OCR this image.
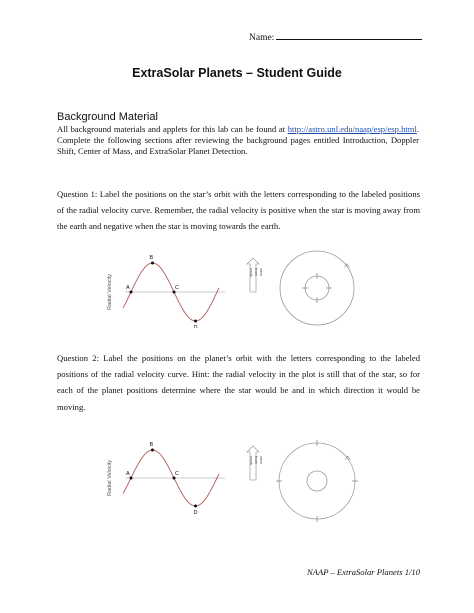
Name:
ExtraSolar Planets – Student Guide
Background Material
All background materials and applets for this lab can be found at http://astro.unl.edu/naap/esp/esp.html. Complete the following sections after reviewing the background pages entitled Introduction, Doppler Shift, Center of Mass, and ExtraSolar Planet Detection.
Question 1: Label the positions on the star’s orbit with the letters corresponding to the labeled positions of the radial velocity curve. Remember, the radial velocity is positive when the star is moving away from the earth and negative when the star is moving towards the earth.
Radial Velocity A
B
C
D
view
from
earth
Question 2: Label the positions on the planet’s orbit with the letters corresponding to the labeled positions of the radial velocity curve. Hint: the radial velocity in the plot is still that of the star, so for each of the planet positions determine where the star would be and in which direction it would be moving.
Radial Velocity A
B
C
D
view
from
earth
NAAP – ExtraSolar Planets 1/10
